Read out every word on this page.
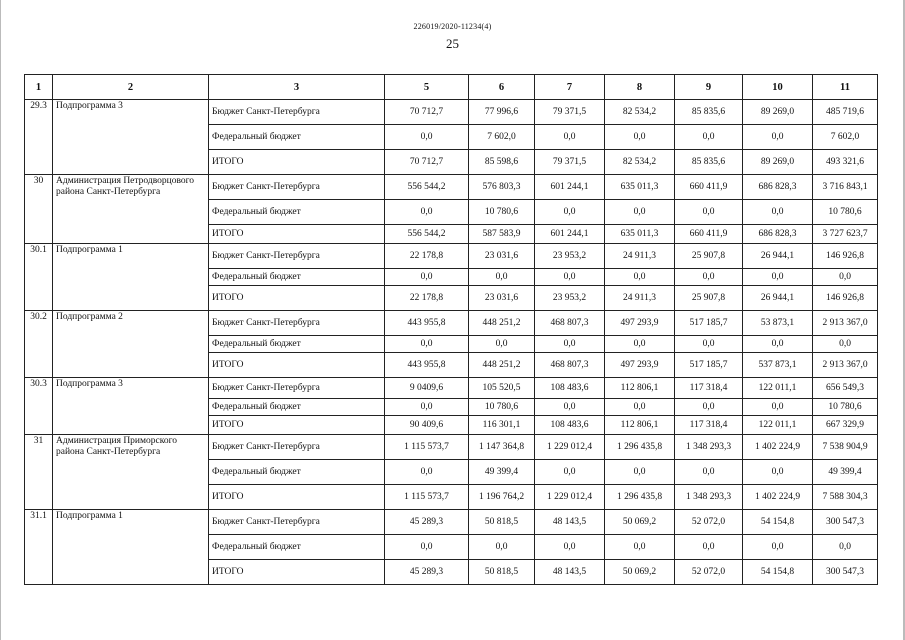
226019/2020-11234(4)
25
1	2	3	5	6	7	8	9	10	11
29.3	Подпрограмма 3	Бюджет Санкт-Петербурга	70 712,7	77 996,6	79 371,5	82 534,2	85 835,6	89 269,0	485 719,6
		Федеральный бюджет	0,0	7 602,0	0,0	0,0	0,0	0,0	7 602,0
		ИТОГО	70 712,7	85 598,6	79 371,5	82 534,2	85 835,6	89 269,0	493 321,6
30	Администрация Петродворцового района Санкт-Петербурга	Бюджет Санкт-Петербурга	556 544,2	576 803,3	601 244,1	635 011,3	660 411,9	686 828,3	3 716 843,1
		Федеральный бюджет	0,0	10 780,6	0,0	0,0	0,0	0,0	10 780,6
		ИТОГО	556 544,2	587 583,9	601 244,1	635 011,3	660 411,9	686 828,3	3 727 623,7
30.1	Подпрограмма 1	Бюджет Санкт-Петербурга	22 178,8	23 031,6	23 953,2	24 911,3	25 907,8	26 944,1	146 926,8
		Федеральный бюджет	0,0	0,0	0,0	0,0	0,0	0,0	0,0
		ИТОГО	22 178,8	23 031,6	23 953,2	24 911,3	25 907,8	26 944,1	146 926,8
30.2	Подпрограмма 2	Бюджет Санкт-Петербурга	443 955,8	448 251,2	468 807,3	497 293,9	517 185,7	53 873,1	2 913 367,0
		Федеральный бюджет	0,0	0,0	0,0	0,0	0,0	0,0	0,0
		ИТОГО	443 955,8	448 251,2	468 807,3	497 293,9	517 185,7	537 873,1	2 913 367,0
30.3	Подпрограмма 3	Бюджет Санкт-Петербурга	9 0409,6	105 520,5	108 483,6	112 806,1	117 318,4	122 011,1	656 549,3
		Федеральный бюджет	0,0	10 780,6	0,0	0,0	0,0	0,0	10 780,6
		ИТОГО	90 409,6	116 301,1	108 483,6	112 806,1	117 318,4	122 011,1	667 329,9
31	Администрация Приморского района Санкт-Петербурга	Бюджет Санкт-Петербурга	1 115 573,7	1 147 364,8	1 229 012,4	1 296 435,8	1 348 293,3	1 402 224,9	7 538 904,9
		Федеральный бюджет	0,0	49 399,4	0,0	0,0	0,0	0,0	49 399,4
		ИТОГО	1 115 573,7	1 196 764,2	1 229 012,4	1 296 435,8	1 348 293,3	1 402 224,9	7 588 304,3
31.1	Подпрограмма 1	Бюджет Санкт-Петербурга	45 289,3	50 818,5	48 143,5	50 069,2	52 072,0	54 154,8	300 547,3
		Федеральный бюджет	0,0	0,0	0,0	0,0	0,0	0,0	0,0
		ИТОГО	45 289,3	50 818,5	48 143,5	50 069,2	52 072,0	54 154,8	300 547,3
